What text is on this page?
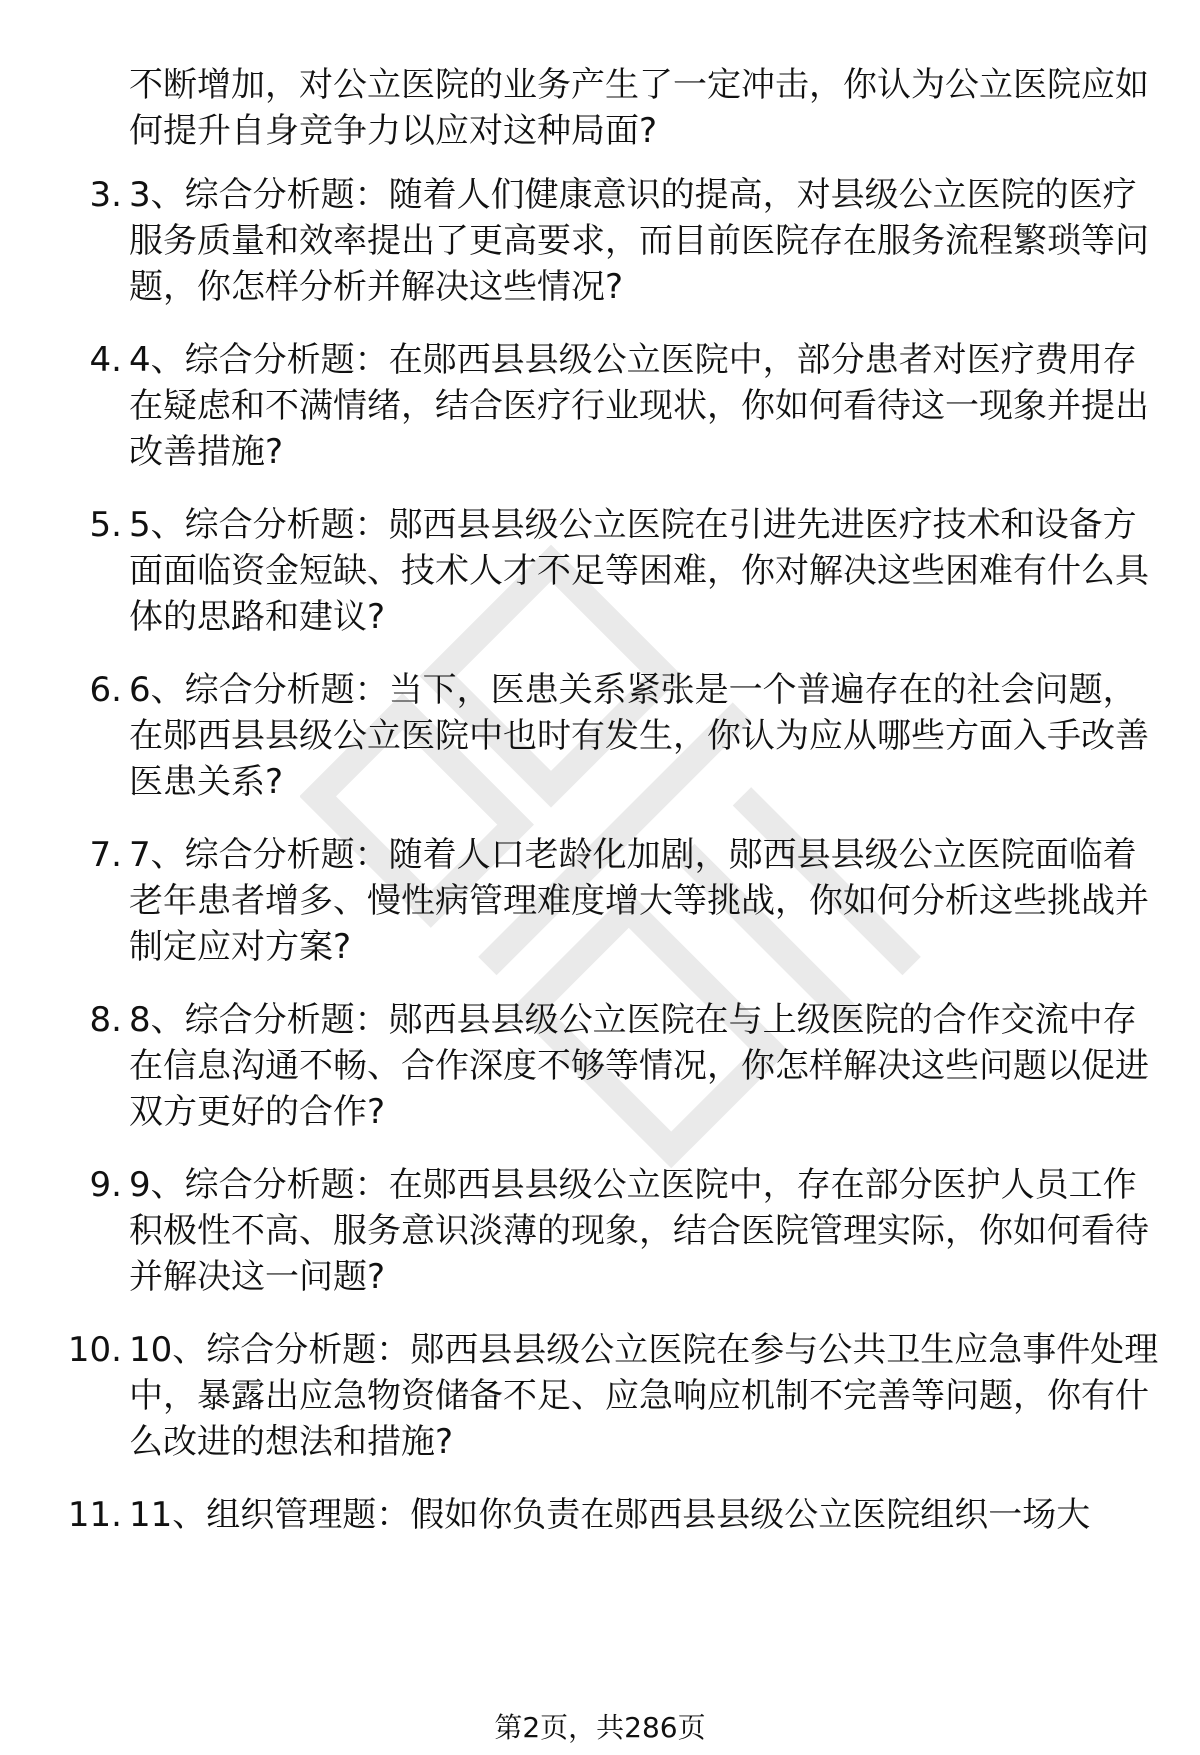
不断增加，对公立医院的业务产生了一定冲击，你认为公立医院应如何提升自身竞争力以应对这种局面?
3. 3、综合分析题：随着人们健康意识的提高，对县级公立医院的医疗服务质量和效率提出了更高要求，而目前医院存在服务流程繁琐等问题，你怎样分析并解决这些情况?
4. 4、综合分析题：在郧西县县级公立医院中，部分患者对医疗费用存在疑虑和不满情绪，结合医疗行业现状，你如何看待这一现象并提出改善措施?
5. 5、综合分析题：郧西县县级公立医院在引进先进医疗技术和设备方面面临资金短缺、技术人才不足等困难，你对解决这些困难有什么具体的思路和建议?
6. 6、综合分析题：当下，医患关系紧张是一个普遍存在的社会问题，在郧西县县级公立医院中也时有发生，你认为应从哪些方面入手改善医患关系?
7. 7、综合分析题：随着人口老龄化加剧，郧西县县级公立医院面临着老年患者增多、慢性病管理难度增大等挑战，你如何分析这些挑战并制定应对方案?
8. 8、综合分析题：郧西县县级公立医院在与上级医院的合作交流中存在信息沟通不畅、合作深度不够等情况，你怎样解决这些问题以促进双方更好的合作?
9. 9、综合分析题：在郧西县县级公立医院中，存在部分医护人员工作积极性不高、服务意识淡薄的现象，结合医院管理实际，你如何看待并解决这一问题?
10. 10、综合分析题：郧西县县级公立医院在参与公共卫生应急事件处理中，暴露出应急物资储备不足、应急响应机制不完善等问题，你有什么改进的想法和措施?
11. 11、组织管理题：假如你负责在郧西县县级公立医院组织一场大
第2页，共286页
